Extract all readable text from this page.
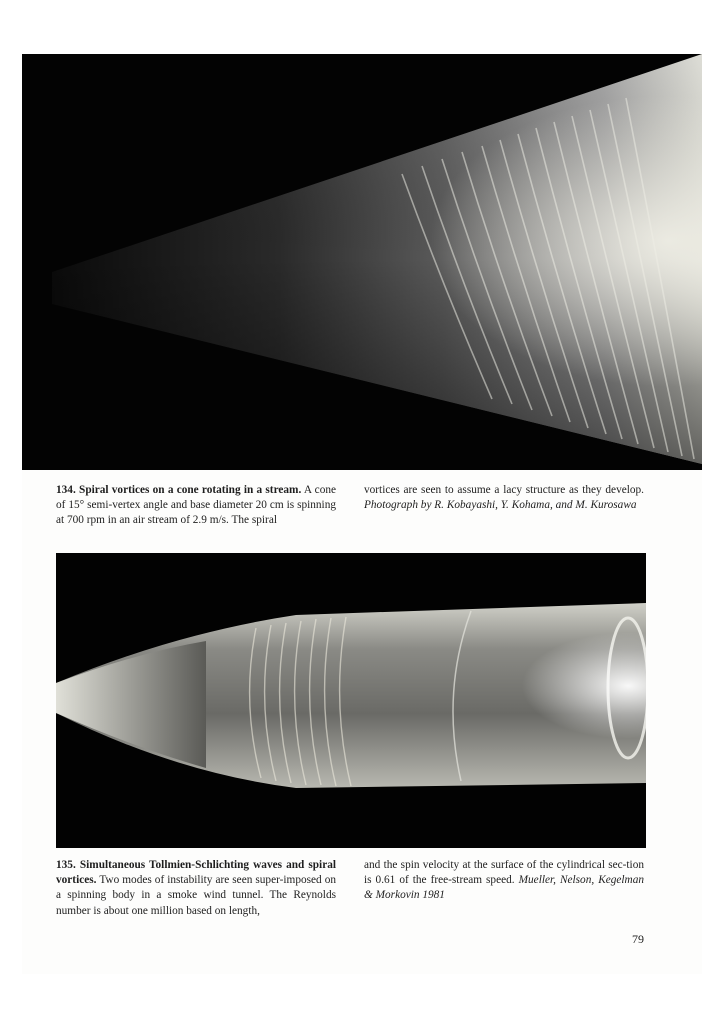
134. Spiral vortices on a cone rotating in a stream. A cone of 15° semi-vertex angle and base diameter 20 cm is spinning at 700 rpm in an air stream of 2.9 m/s. The spiral
vortices are seen to assume a lacy structure as they develop. Photograph by R. Kobayashi, Y. Kohama, and M. Kurosawa
135. Simultaneous Tollmien-Schlichting waves and spiral vortices. Two modes of instability are seen super-imposed on a spinning body in a smoke wind tunnel. The Reynolds number is about one million based on length,
and the spin velocity at the surface of the cylindrical sec-tion is 0.61 of the free-stream speed. Mueller, Nelson, Kegelman & Morkovin 1981
79
